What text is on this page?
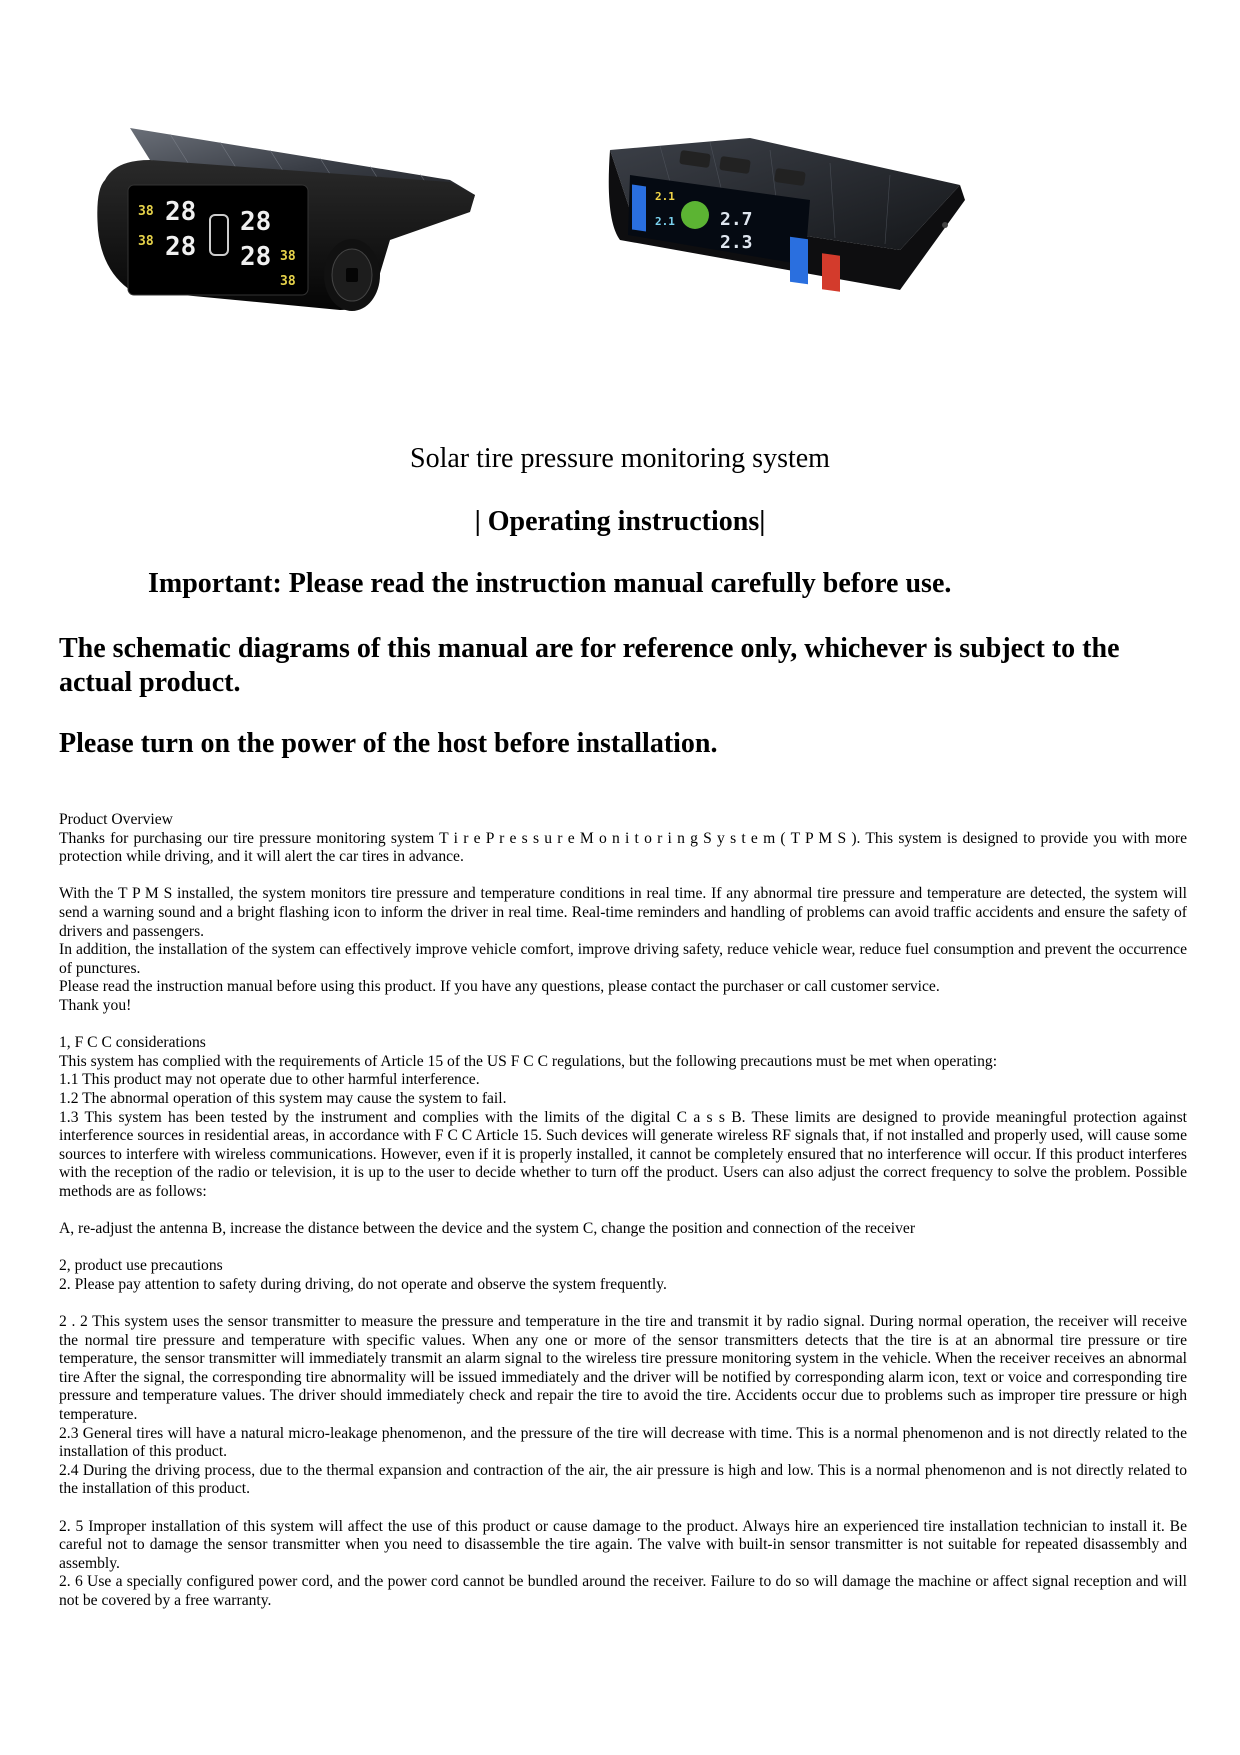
38
38
28
28
28
28 38
38
2.1
2.1	2.7
2.3
Solar tire pressure monitoring system
| Operating instructions|
Important: Please read the instruction manual carefully before use.
The schematic diagrams of this manual are for reference only, whichever is subject to the actual product.
Please turn on the power of the host before installation.

Product Overview

Thanks for purchasing our tire pressure monitoring system T i r e P r e s s u r e M o n i t o r i n g S y s t e m ( T P M S ). This system is designed to provide you with more protection while driving, and it will alert the car tires in advance.

With the T P M S installed, the system monitors tire pressure and temperature conditions in real time. If any abnormal tire pressure and temperature are detected, the system will send a warning sound and a bright flashing icon to inform the driver in real time. Real-time reminders and handling of problems can avoid traffic accidents and ensure the safety of drivers and passengers.

In addition, the installation of the system can effectively improve vehicle comfort, improve driving safety, reduce vehicle wear, reduce fuel consumption and prevent the occurrence of punctures.

Please read the instruction manual before using this product. If you have any questions, please contact the purchaser or call customer service.

Thank you!

1, F C C considerations

This system has complied with the requirements of Article 15 of the US F C C regulations, but the following precautions must be met when operating:

1.1 This product may not operate due to other harmful interference.

1.2 The abnormal operation of this system may cause the system to fail.

1.3 This system has been tested by the instrument and complies with the limits of the digital C a s s B. These limits are designed to provide meaningful protection against interference sources in residential areas, in accordance with F C C Article 15. Such devices will generate wireless RF signals that, if not installed and properly used, will cause some sources to interfere with wireless communications. However, even if it is properly installed, it cannot be completely ensured that no interference will occur. If this product interferes with the reception of the radio or television, it is up to the user to decide whether to turn off the product. Users can also adjust the correct frequency to solve the problem. Possible methods are as follows:

A, re-adjust the antenna B, increase the distance between the device and the system C, change the position and connection of the receiver

2, product use precautions

2. Please pay attention to safety during driving, do not operate and observe the system frequently.

2 . 2 This system uses the sensor transmitter to measure the pressure and temperature in the tire and transmit it by radio signal. During normal operation, the receiver will receive the normal tire pressure and temperature with specific values. When any one or more of the sensor transmitters detects that the tire is at an abnormal tire pressure or tire temperature, the sensor transmitter will immediately transmit an alarm signal to the wireless tire pressure monitoring system in the vehicle. When the receiver receives an abnormal tire After the signal, the corresponding tire abnormality will be issued immediately and the driver will be notified by corresponding alarm icon, text or voice and corresponding tire pressure and temperature values. The driver should immediately check and repair the tire to avoid the tire. Accidents occur due to problems such as improper tire pressure or high temperature.

2.3 General tires will have a natural micro-leakage phenomenon, and the pressure of the tire will decrease with time. This is a normal phenomenon and is not directly related to the installation of this product.

2.4 During the driving process, due to the thermal expansion and contraction of the air, the air pressure is high and low. This is a normal phenomenon and is not directly related to the installation of this product.

2. 5 Improper installation of this system will affect the use of this product or cause damage to the product. Always hire an experienced tire installation technician to install it. Be careful not to damage the sensor transmitter when you need to disassemble the tire again. The valve with built-in sensor transmitter is not suitable for repeated disassembly and assembly.

2. 6 Use a specially configured power cord, and the power cord cannot be bundled around the receiver. Failure to do so will damage the machine or affect signal reception and will not be covered by a free warranty.
